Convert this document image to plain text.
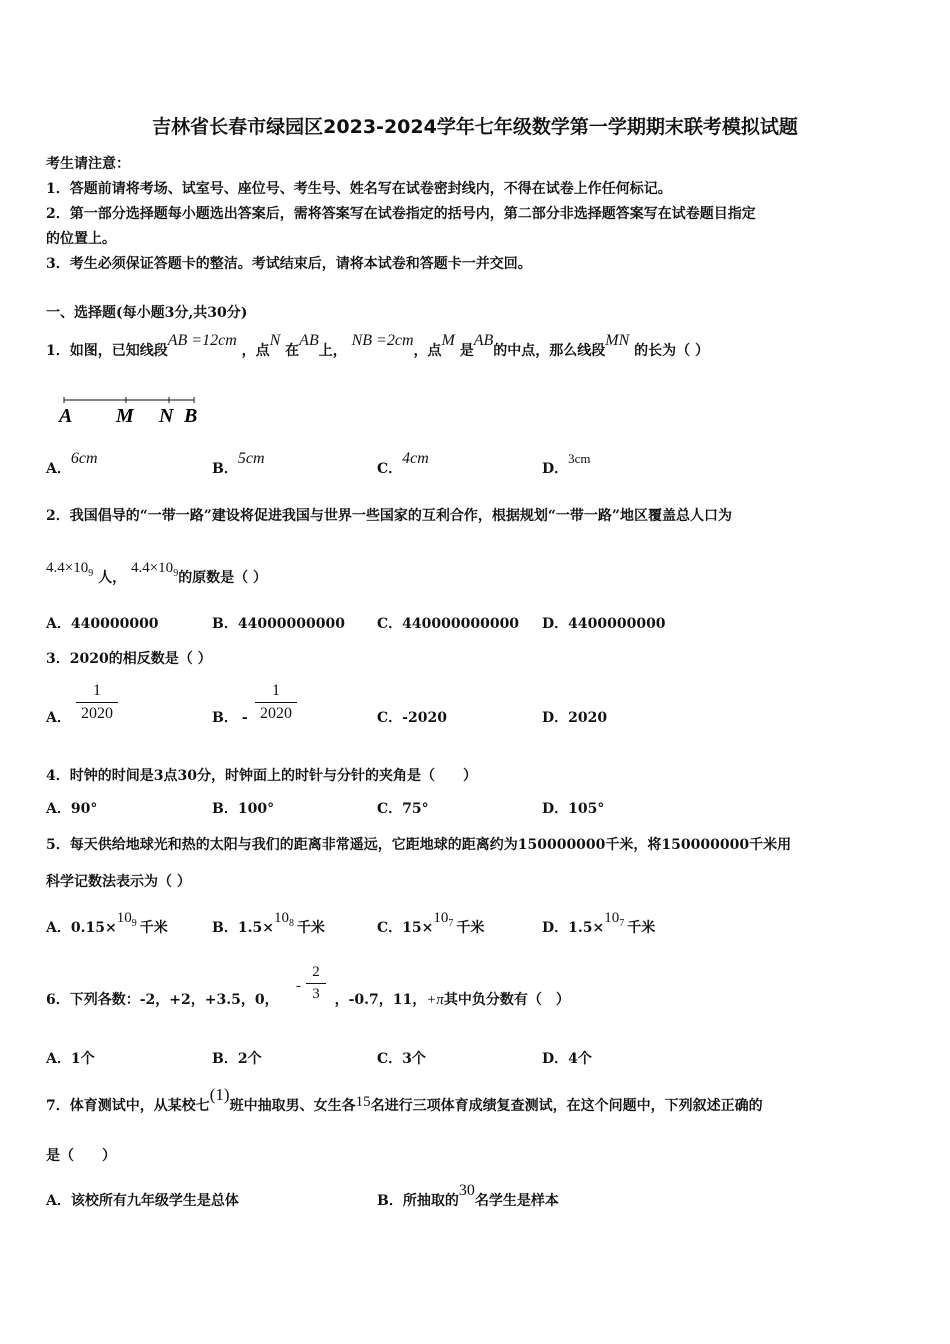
吉林省长春市绿园区2023-2024学年七年级数学第一学期期末联考模拟试题
考生请注意：
1．答题前请将考场、试室号、座位号、考生号、姓名写在试卷密封线内，不得在试卷上作任何标记。
2．第一部分选择题每小题选出答案后，需将答案写在试卷指定的括号内，第二部分非选择题答案写在试卷题目指定
的位置上。
3．考生必须保证答题卡的整洁。考试结束后，请将本试卷和答题卡一并交回。
一、选择题(每小题3分,共30分)
1．如图，已知线段AB =12cm ，点N 在AB上， NB =2cm，点M 是AB的中点，那么线段MN 的长为（ ）
A M N B
A．6cm
B．5cm
C．4cm
D．3cm
2．我国倡导的“一带一路”建设将促进我国与世界一些国家的互利合作，根据规划“一带一路”地区覆盖总人口为
$4.4\times 10^9$ 人， $4.4\times 10^9$的原数是（ ）
A．440000000	B．44000000000 C．440000000000 D．4400000000
3．2020的相反数是（ ）
A．
1
2020	B． -
1
2020	C．-2020	D．2020
4．时钟的时间是3点30分，时钟面上的时针与分针的夹角是（　　）
A．90°	B．100°	C．75°	D．105°
5．每天供给地球光和热的太阳与我们的距离非常遥远，它距地球的距离约为150000000千米，将150000000千米用
科学记数法表示为（ ）
A．$0.15\times 10^9$ 千米	B．$1.5\times 10^8$ 千米	C．$15\times 10^7$ 千米	D．$1.5\times 10^7$ 千米
6．下列各数：-2，+2，+3.5，0，	，-0.7，11，+π其中负分数有（　）
-
2
3
A．1个	B．2个	C．3个	D．4个
7．体育测试中，从某校七(1)班中抽取男、女生各15名进行三项体育成绩复查测试，在这个问题中，下列叙述正确的
是（　　）
A．该校所有九年级学生是总体	B．所抽取的30名学生是样本
